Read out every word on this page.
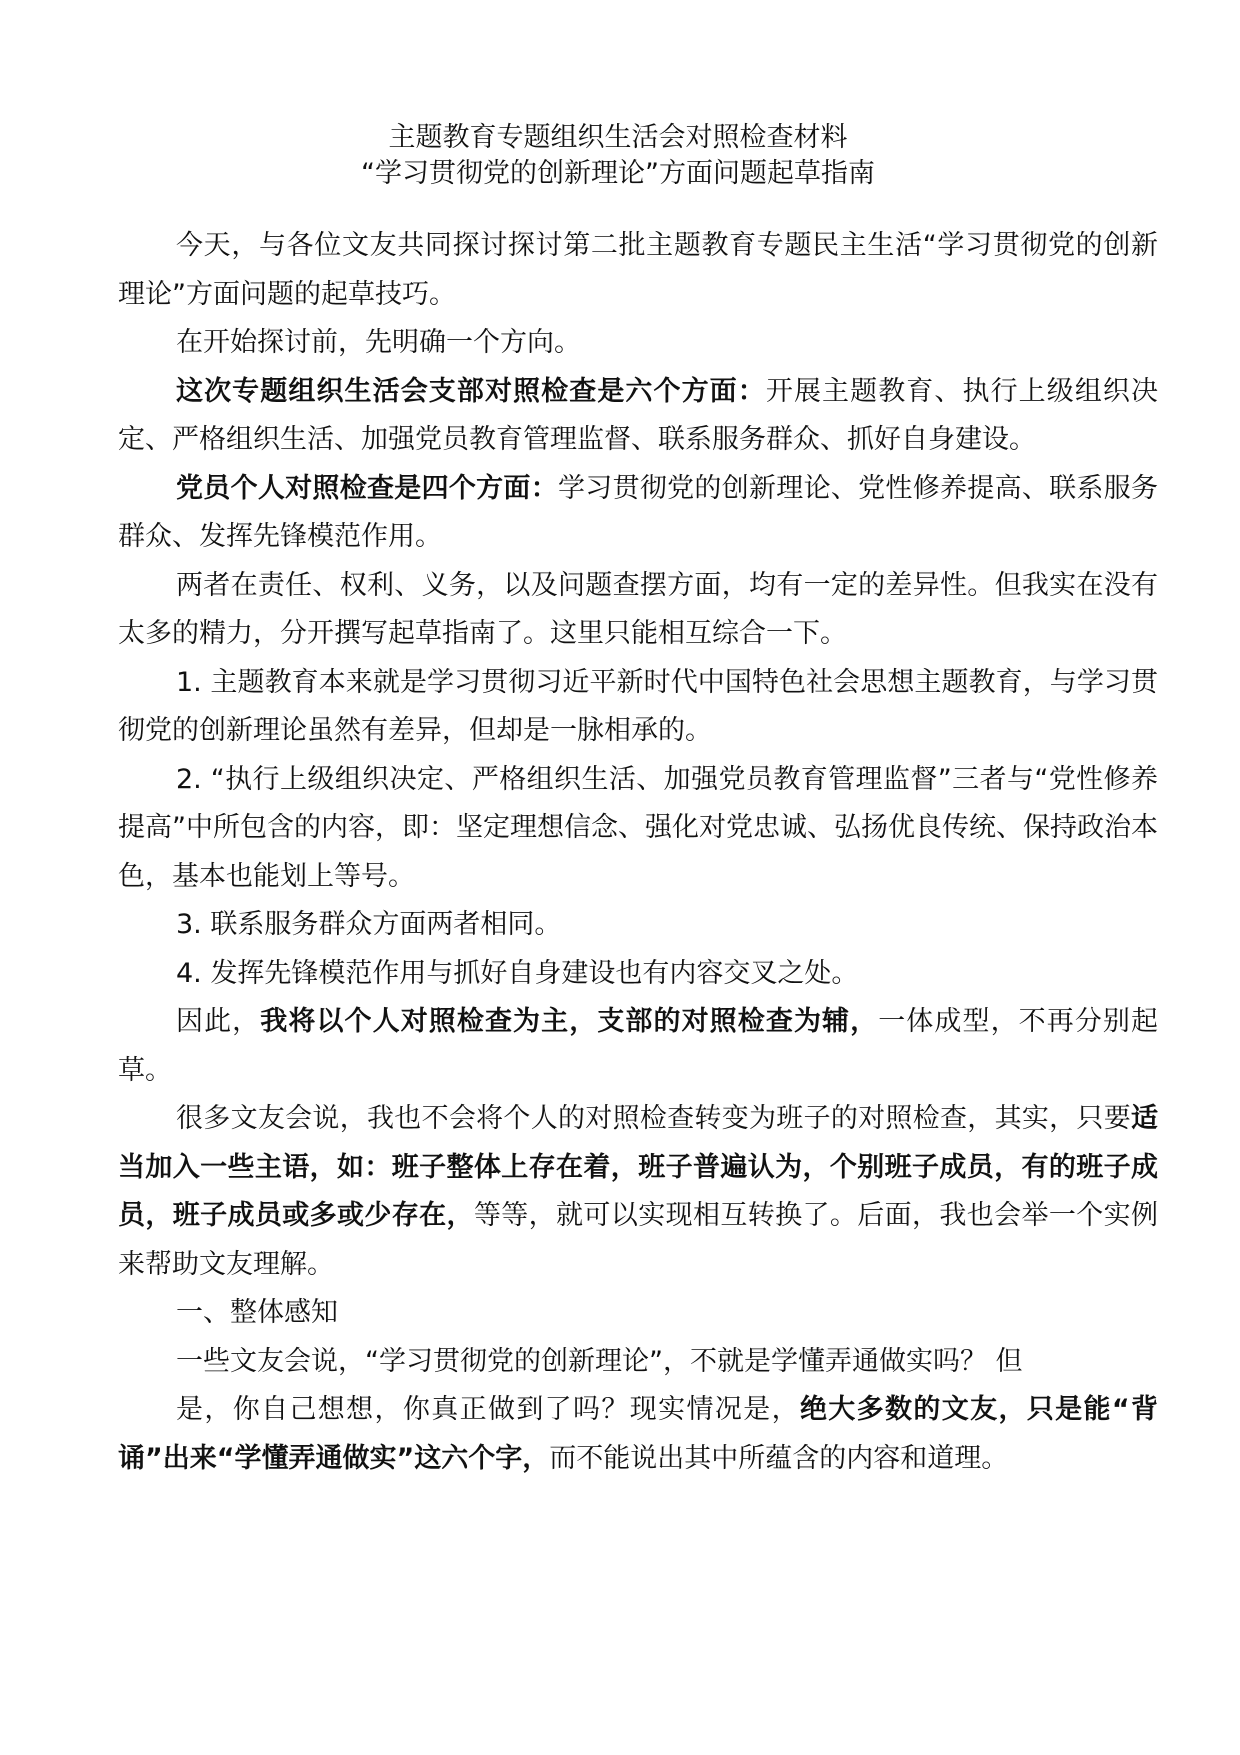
主题教育专题组织生活会对照检查材料
“学习贯彻党的创新理论”方面问题起草指南

今天，与各位文友共同探讨探讨第二批主题教育专题民主生活“学习贯彻党的创新理论”方面问题的起草技巧。

在开始探讨前，先明确一个方向。

这次专题组织生活会支部对照检查是六个方面：开展主题教育、执行上级组织决定、严格组织生活、加强党员教育管理监督、联系服务群众、抓好自身建设。

党员个人对照检查是四个方面：学习贯彻党的创新理论、党性修养提高、联系服务群众、发挥先锋模范作用。

两者在责任、权利、义务，以及问题查摆方面，均有一定的差异性。但我实在没有太多的精力，分开撰写起草指南了。这里只能相互综合一下。

1. 主题教育本来就是学习贯彻习近平新时代中国特色社会思想主题教育，与学习贯彻党的创新理论虽然有差异，但却是一脉相承的。

2. “执行上级组织决定、严格组织生活、加强党员教育管理监督”三者与“党性修养提高”中所包含的内容，即：坚定理想信念、强化对党忠诚、弘扬优良传统、保持政治本色，基本也能划上等号。

3. 联系服务群众方面两者相同。

4. 发挥先锋模范作用与抓好自身建设也有内容交叉之处。

因此，我将以个人对照检查为主，支部的对照检查为辅，一体成型，不再分别起草。

很多文友会说，我也不会将个人的对照检查转变为班子的对照检查，其实，只要适当加入一些主语，如：班子整体上存在着，班子普遍认为，个别班子成员，有的班子成员，班子成员或多或少存在，等等，就可以实现相互转换了。后面，我也会举一个实例来帮助文友理解。

一、整体感知

一些文友会说，“学习贯彻党的创新理论”，不就是学懂弄通做实吗？ 但

是，你自己想想，你真正做到了吗？现实情况是，绝大多数的文友，只是能“背诵”出来“学懂弄通做实”这六个字，而不能说出其中所蕴含的内容和道理。
